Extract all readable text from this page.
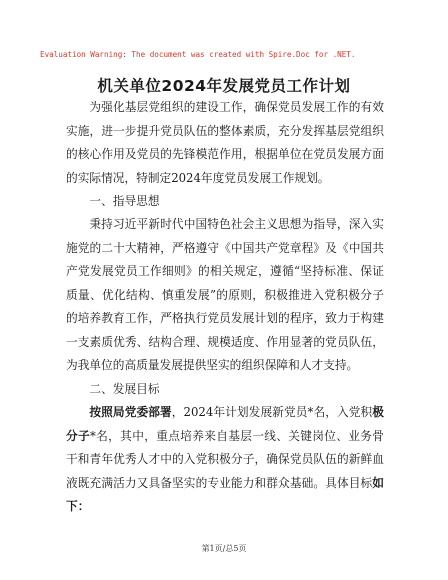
Evaluation Warning: The document was created with Spire.Doc for .NET.
机关单位2024年发展党员工作计划

为强化基层党组织的建设工作，确保党员发展工作的有效实施，进一步提升党员队伍的整体素质，充分发挥基层党组织的核心作用及党员的先锋模范作用，根据单位在党员发展方面的实际情况，特制定2024年度党员发展工作规划。

一、指导思想

秉持习近平新时代中国特色社会主义思想为指导，深入实施党的二十大精神，严格遵守《中国共产党章程》及《中国共产党发展党员工作细则》的相关规定，遵循“坚持标准、保证质量、优化结构、慎重发展”的原则，积极推进入党积极分子的培养教育工作，严格执行党员发展计划的程序，致力于构建一支素质优秀、结构合理、规模适度、作用显著的党员队伍，为我单位的高质量发展提供坚实的组织保障和人才支持。

二、发展目标

按照局党委部署，2024年计划发展新党员*名，入党积极分子*名，其中，重点培养来自基层一线、关键岗位、业务骨干和青年优秀人才中的入党积极分子，确保党员队伍的新鲜血液既充满活力又具备坚实的专业能力和群众基础。具体目标如下：

第1页/总5页
